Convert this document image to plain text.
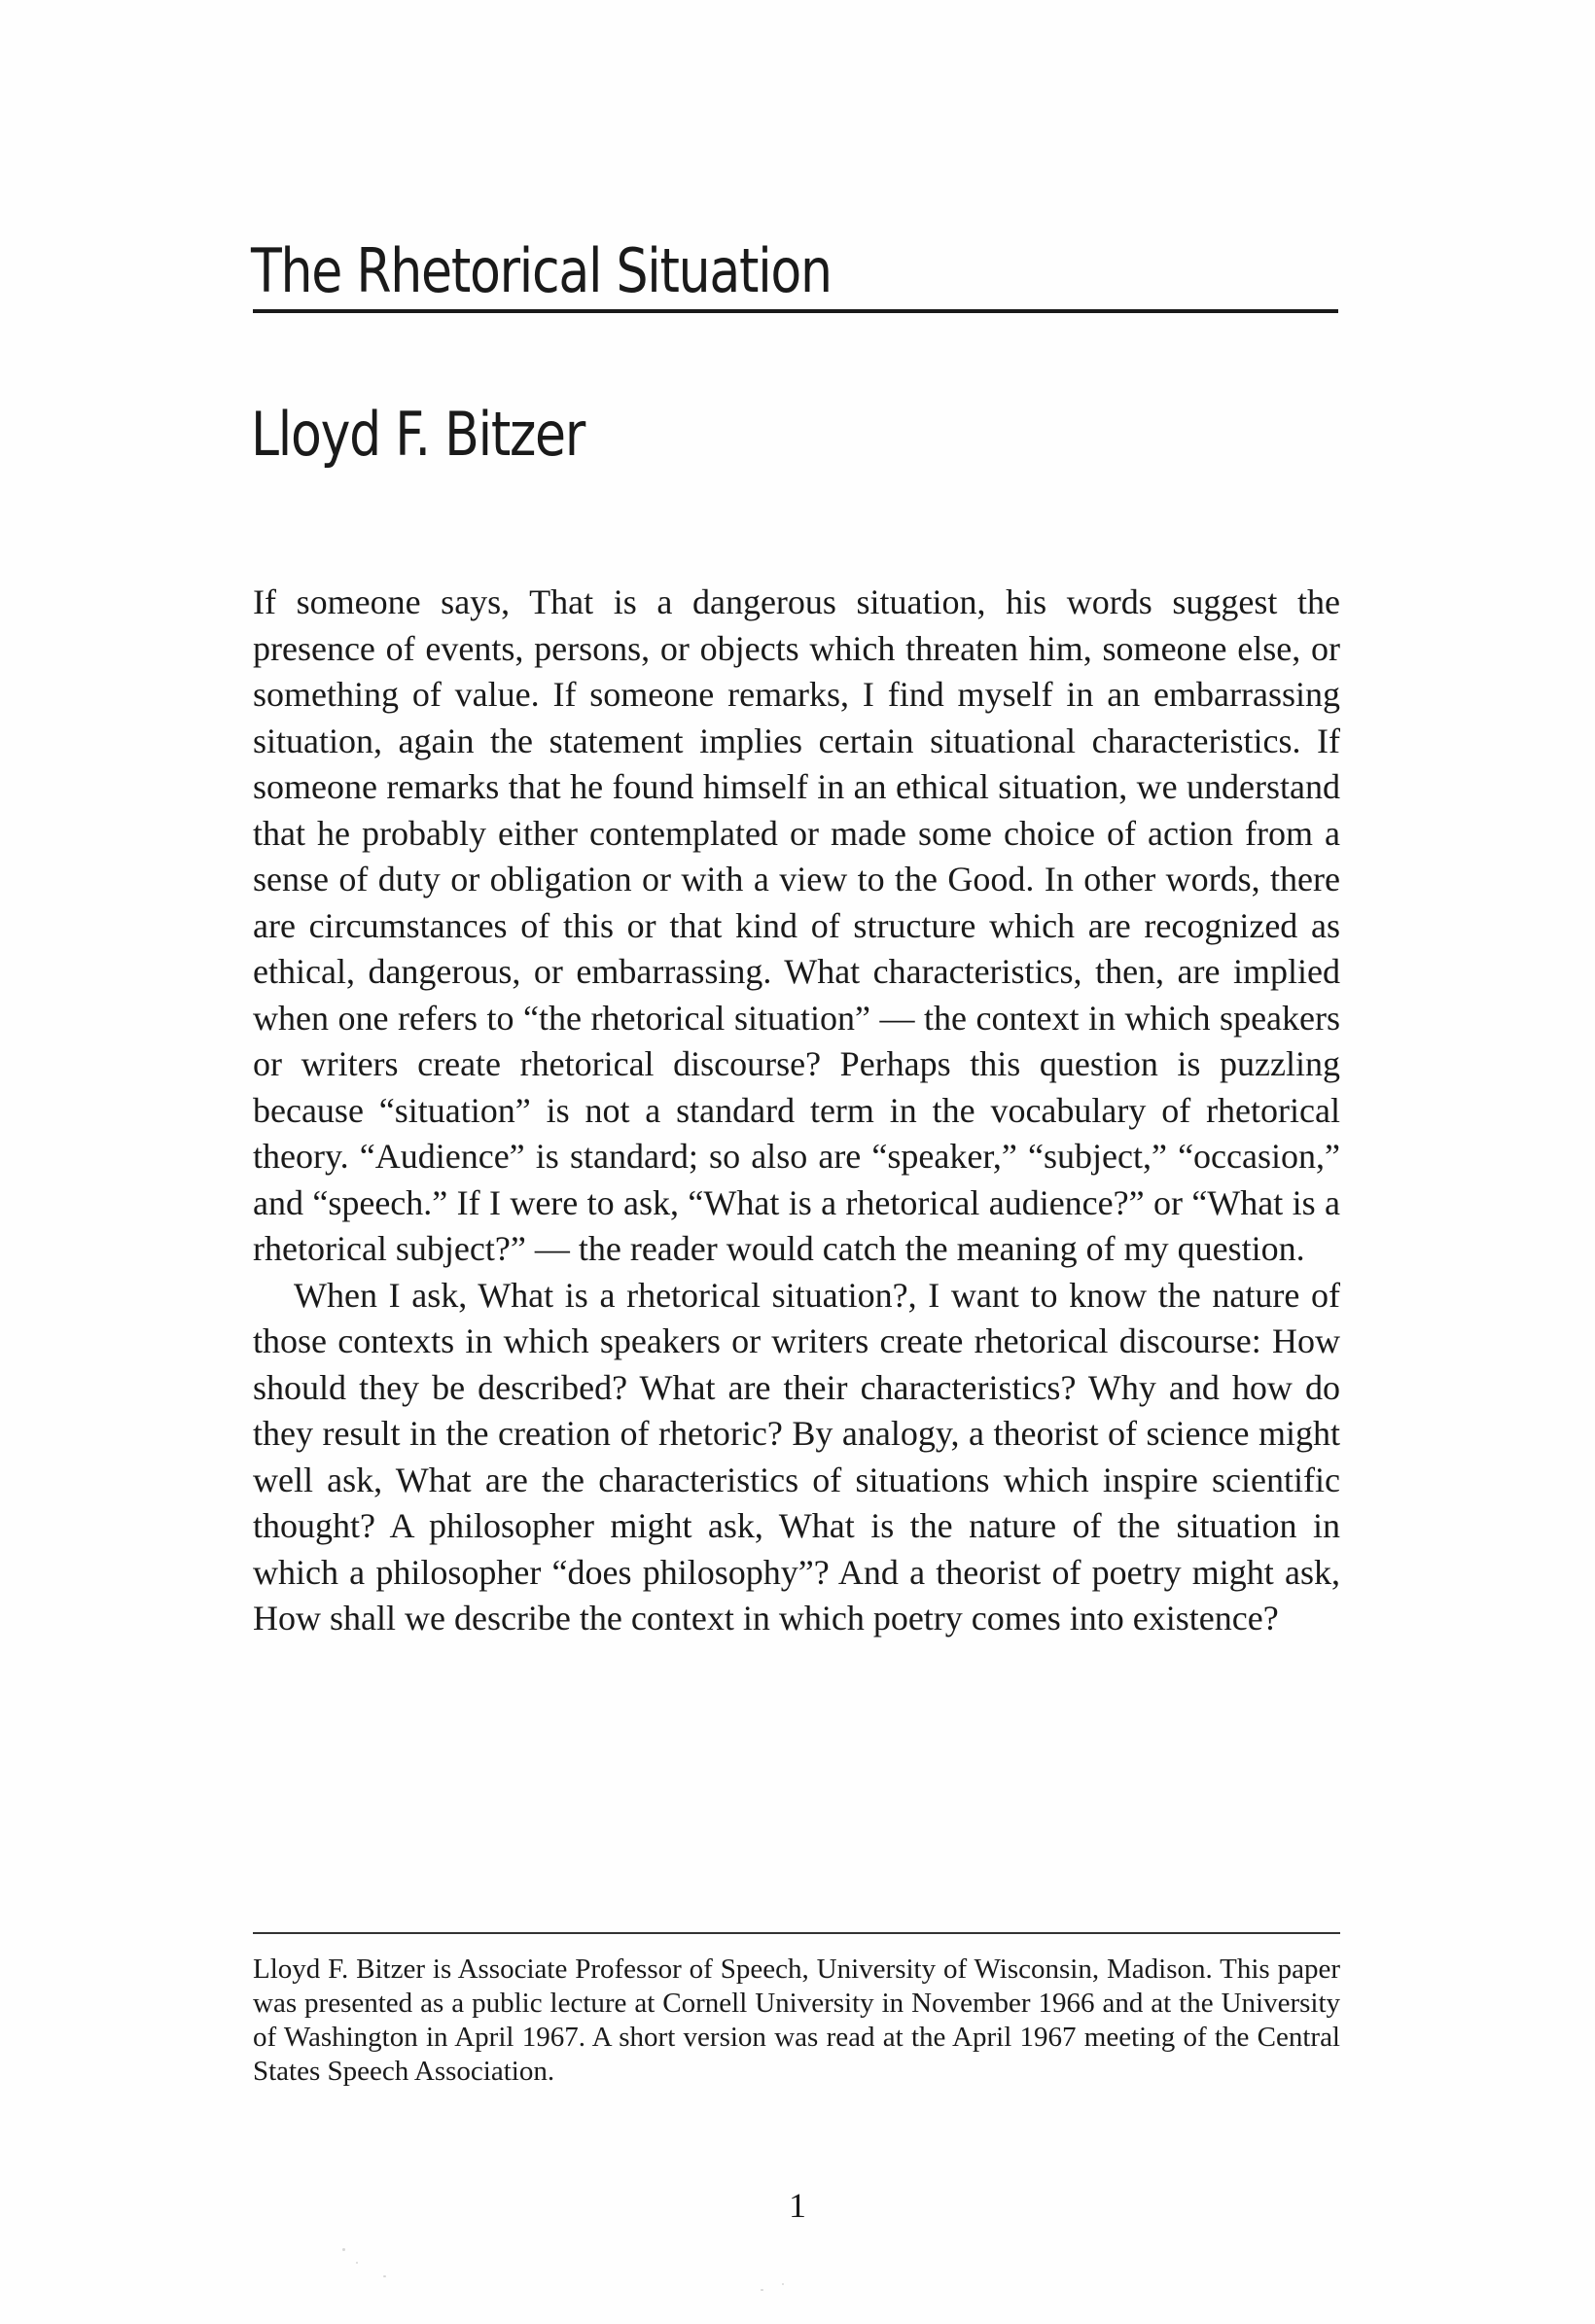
The Rhetorical Situation
Lloyd F. Bitzer

If someone says, That is a dangerous situation, his words suggest the presence of events, persons, or objects which threaten him, someone else, or something of value. If someone remarks, I find myself in an embarrassing situation, again the statement implies certain situational characteristics. If someone remarks that he found himself in an ethical situation, we understand that he probably either contemplated or made some choice of action from a sense of duty or obligation or with a view to the Good. In other words, there are circumstances of this or that kind of structure which are recognized as ethical, dangerous, or embarrassing. What characteristics, then, are implied when one refers to “the rhetorical situation” — the context in which speakers or writers create rhetorical discourse? Perhaps this question is puzzling because “situation” is not a standard term in the vocabulary of rhetorical theory. “Audience” is standard; so also are “speaker,” “subject,” “occasion,” and “speech.” If I were to ask, “What is a rhetorical audience?” or “What is a rhetorical subject?” — the reader would catch the meaning of my question.

When I ask, What is a rhetorical situation?, I want to know the nature of those contexts in which speakers or writers create rhetorical discourse: How should they be described? What are their characteristics? Why and how do they result in the creation of rhetoric? By analogy, a theorist of science might well ask, What are the characteristics of situations which inspire scientific thought? A philosopher might ask, What is the nature of the situation in which a philosopher “does philosophy”? And a theorist of poetry might ask, How shall we describe the context in which poetry comes into existence?

Lloyd F. Bitzer is Associate Professor of Speech, University of Wisconsin, Madison. This paper was presented as a public lecture at Cornell University in November 1966 and at the University of Washington in April 1967. A short version was read at the April 1967 meeting of the Central States Speech Association.

1
